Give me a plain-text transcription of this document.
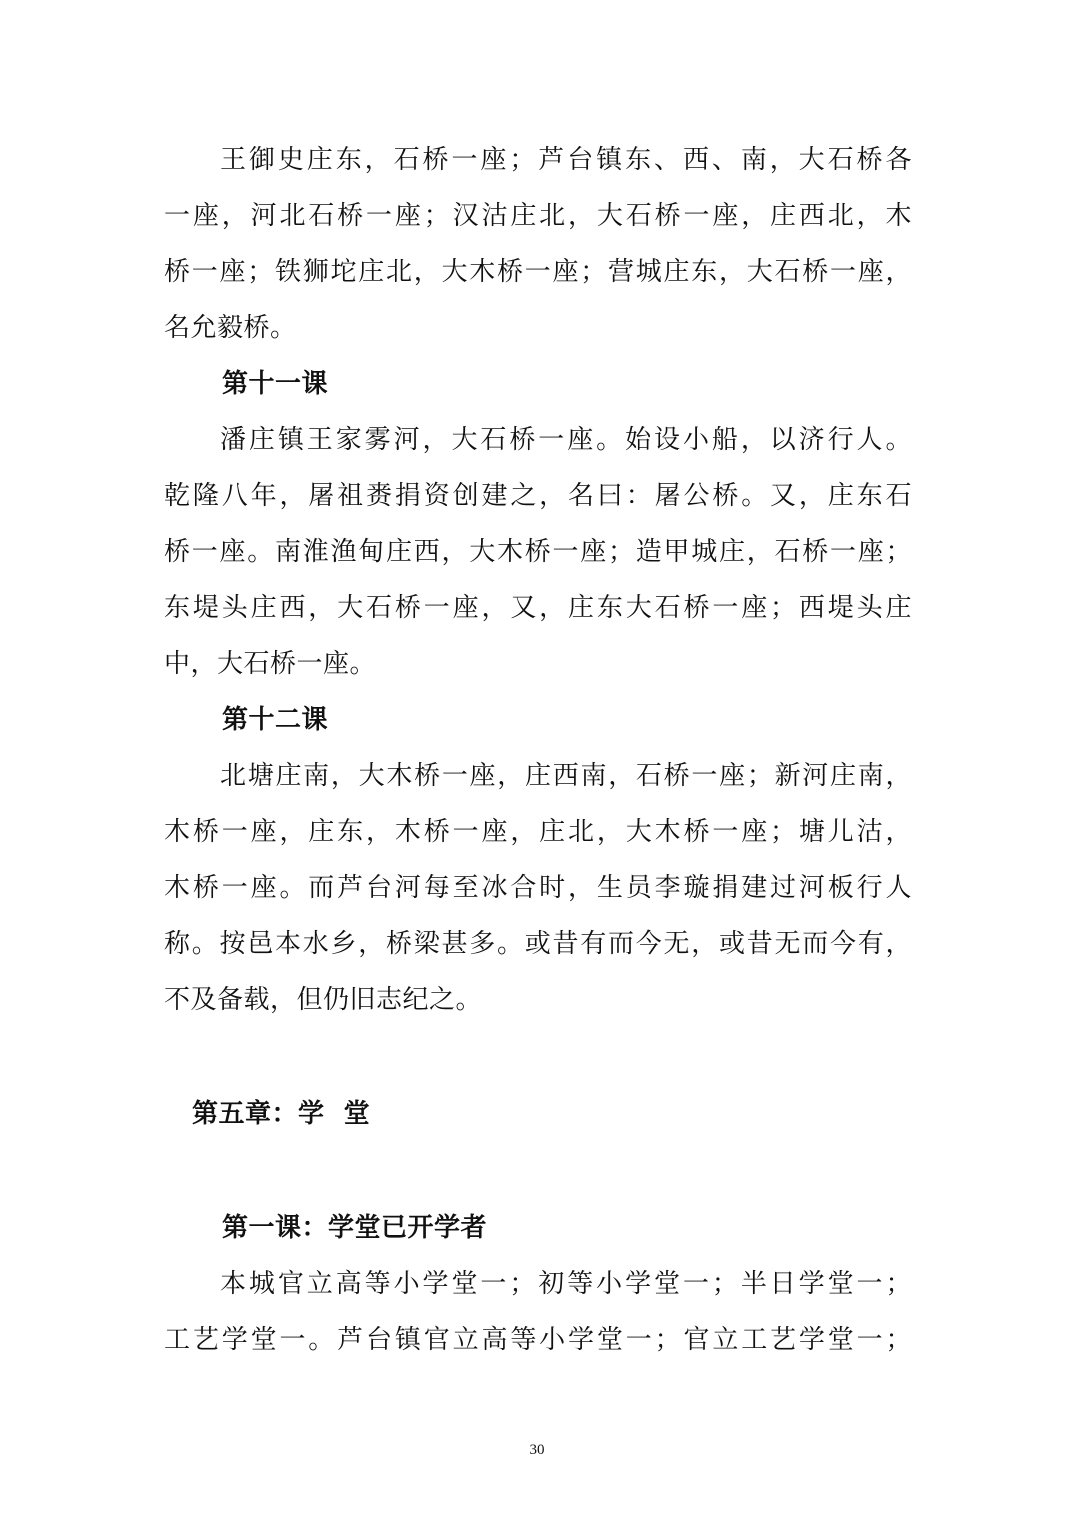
王御史庄东，石桥一座；芦台镇东、西、南，大石桥各
一座，河北石桥一座；汉沽庄北，大石桥一座，庄西北，木
桥一座；铁狮坨庄北，大木桥一座；营城庄东，大石桥一座，
名允毅桥。
第十一课
潘庄镇王家雾河，大石桥一座。始设小船，以济行人。
乾隆八年，屠祖赉捐资创建之，名曰：屠公桥。又，庄东石
桥一座。南淮渔甸庄西，大木桥一座；造甲城庄，石桥一座；
东堤头庄西，大石桥一座，又，庄东大石桥一座；西堤头庄
中，大石桥一座。
第十二课
北塘庄南，大木桥一座，庄西南，石桥一座；新河庄南，
木桥一座，庄东，木桥一座，庄北，大木桥一座；塘儿沽，
木桥一座。而芦台河每至冰合时，生员李璇捐建过河板行人
称。按邑本水乡，桥梁甚多。或昔有而今无，或昔无而今有，
不及备载，但仍旧志纪之。
第五章：学  堂
第一课：学堂已开学者
本城官立高等小学堂一；初等小学堂一；半日学堂一；
工艺学堂一。芦台镇官立高等小学堂一；官立工艺学堂一；
30
